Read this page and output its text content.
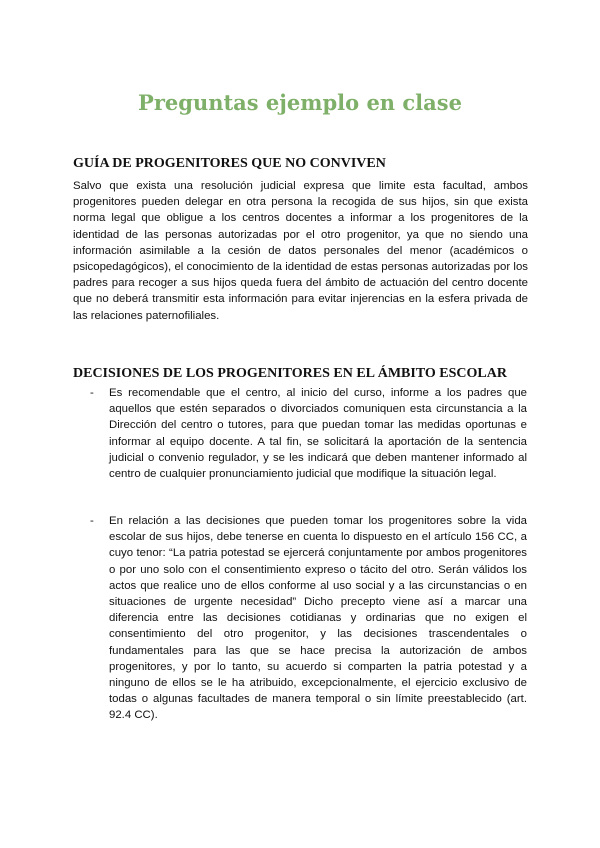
Preguntas ejemplo en clase
GUÍA DE PROGENITORES QUE NO CONVIVEN

Salvo que exista una resolución judicial expresa que limite esta facultad, ambos progenitores pueden delegar en otra persona la recogida de sus hijos, sin que exista norma legal que obligue a los centros docentes a informar a los progenitores de la identidad de las personas autorizadas por el otro progenitor, ya que no siendo una información asimilable a la cesión de datos personales del menor (académicos o psicopedagógicos), el conocimiento de la identidad de estas personas autorizadas por los padres para recoger a sus hijos queda fuera del ámbito de actuación del centro docente que no deberá transmitir esta información para evitar injerencias en la esfera privada de las relaciones paternofiliales.

DECISIONES DE LOS PROGENITORES EN EL ÁMBITO ESCOLAR
- Es recomendable que el centro, al inicio del curso, informe a los padres que aquellos que estén separados o divorciados comuniquen esta circunstancia a la Dirección del centro o tutores, para que puedan tomar las medidas oportunas e informar al equipo docente. A tal fin, se solicitará la aportación de la sentencia judicial o convenio regulador, y se les indicará que deben mantener informado al centro de cualquier pronunciamiento judicial que modifique la situación legal.

- En relación a las decisiones que pueden tomar los progenitores sobre la vida escolar de sus hijos, debe tenerse en cuenta lo dispuesto en el artículo 156 CC, a cuyo tenor: “La patria potestad se ejercerá conjuntamente por ambos progenitores o por uno solo con el consentimiento expreso o tácito del otro. Serán válidos los actos que realice uno de ellos conforme al uso social y a las circunstancias o en situaciones de urgente necesidad” Dicho precepto viene así a marcar una diferencia entre las decisiones cotidianas y ordinarias que no exigen el consentimiento del otro progenitor, y las decisiones trascendentales o fundamentales para las que se hace precisa la autorización de ambos progenitores, y por lo tanto, su acuerdo si comparten la patria potestad y a ninguno de ellos se le ha atribuido, excepcionalmente, el ejercicio exclusivo de todas o algunas facultades de manera temporal o sin límite preestablecido (art. 92.4 CC).
